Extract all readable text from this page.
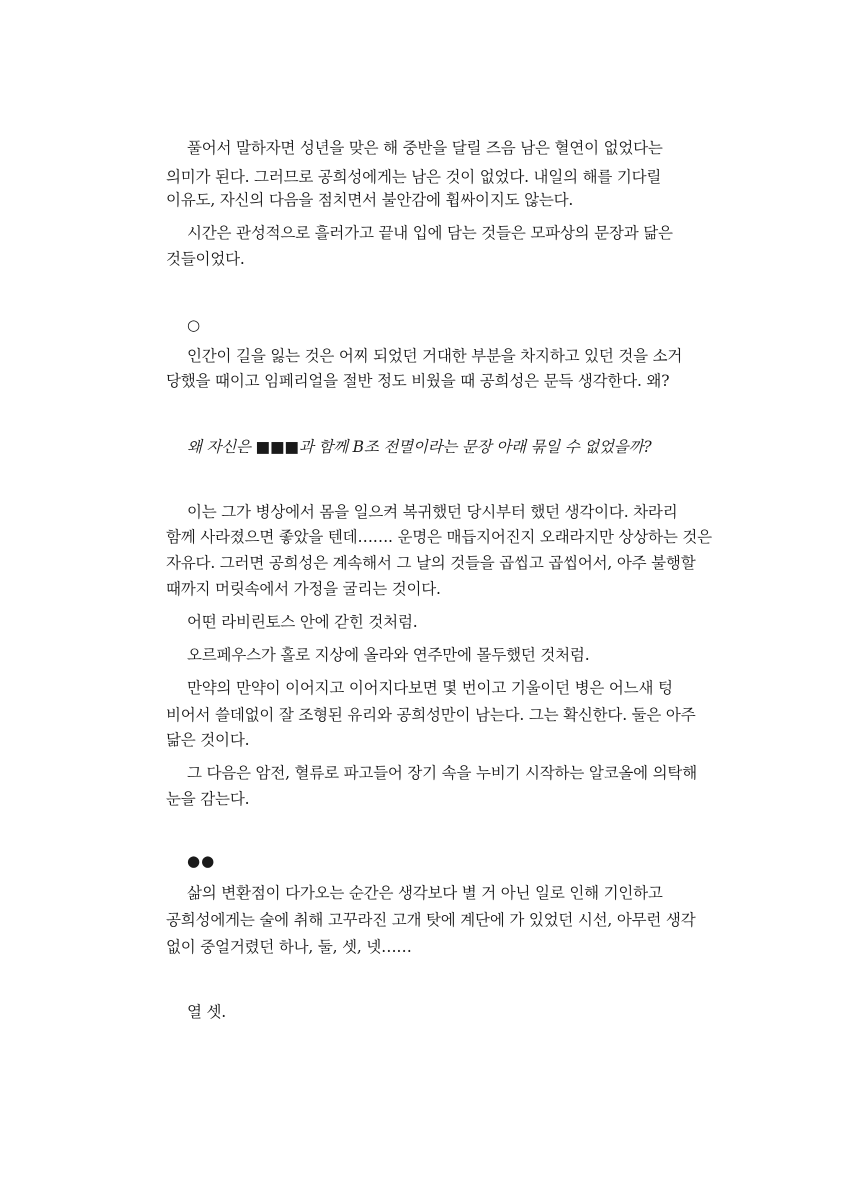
풀어서 말하자면 성년을 맞은 해 중반을 달릴 즈음 남은 혈연이 없었다는
의미가 된다. 그러므로 공희성에게는 남은 것이 없었다. 내일의 해를 기다릴
이유도, 자신의 다음을 점치면서 불안감에 휩싸이지도 않는다.
시간은 관성적으로 흘러가고 끝내 입에 담는 것들은 모파상의 문장과 닮은
것들이었다.
○
인간이 길을 잃는 것은 어찌 되었던 거대한 부분을 차지하고 있던 것을 소거
당했을 때이고 임페리얼을 절반 정도 비웠을 때 공희성은 문득 생각한다. 왜?
왜 자신은 ■■■과 함께 B조 전멸이라는 문장 아래 묶일 수 없었을까?
이는 그가 병상에서 몸을 일으켜 복귀했던 당시부터 했던 생각이다. 차라리
함께 사라졌으면 좋았을 텐데……. 운명은 매듭지어진지 오래라지만 상상하는 것은
자유다. 그러면 공희성은 계속해서 그 날의 것들을 곱씹고 곱씹어서, 아주 불행할
때까지 머릿속에서 가정을 굴리는 것이다.
어떤 라비린토스 안에 갇힌 것처럼.
오르페우스가 홀로 지상에 올라와 연주만에 몰두했던 것처럼.
만약의 만약이 이어지고 이어지다보면 몇 번이고 기울이던 병은 어느새 텅
비어서 쓸데없이 잘 조형된 유리와 공희성만이 남는다. 그는 확신한다. 둘은 아주
닮은 것이다.
그 다음은 암전, 혈류로 파고들어 장기 속을 누비기 시작하는 알코올에 의탁해
눈을 감는다.
●●
삶의 변환점이 다가오는 순간은 생각보다 별 거 아닌 일로 인해 기인하고
공희성에게는 술에 취해 고꾸라진 고개 탓에 계단에 가 있었던 시선, 아무런 생각
없이 중얼거렸던 하나, 둘, 셋, 넷……
열 셋.
